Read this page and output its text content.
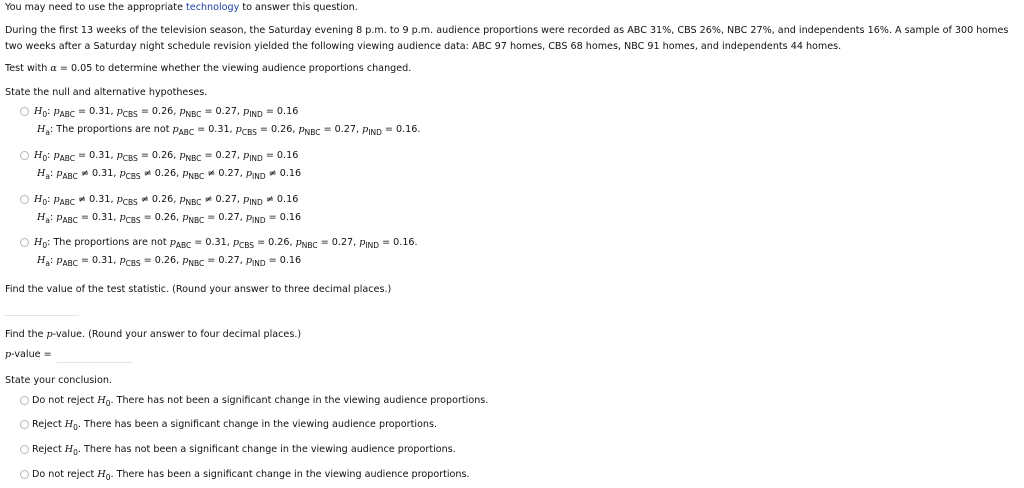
You may need to use the appropriate technology to answer this question.
During the first 13 weeks of the television season, the Saturday evening 8 p.m. to 9 p.m. audience proportions were recorded as ABC 31%, CBS 26%, NBC 27%, and independents 16%. A sample of 300 homes two weeks after a Saturday night schedule revision yielded the following viewing audience data: ABC 97 homes, CBS 68 homes, NBC 91 homes, and independents 44 homes.
Test with α = 0.05 to determine whether the viewing audience proportions changed.
State the null and alternative hypotheses.
$H_0$: $p_{ABC} = 0.31$, $p_{CBS} = 0.26$, $p_{NBC} = 0.27$, $p_{IND} = 0.16$
$H_a$: The proportions are not $p_{ABC} = 0.31$, $p_{CBS} = 0.26$, $p_{NBC} = 0.27$, $p_{IND} = 0.16$.
$H_0$: $p_{ABC} = 0.31$, $p_{CBS} = 0.26$, $p_{NBC} = 0.27$, $p_{IND} = 0.16$
$H_a$: $p_{ABC} \ne 0.31$, $p_{CBS} \ne 0.26$, $p_{NBC} \ne 0.27$, $p_{IND} \ne 0.16$
$H_0$: $p_{ABC} \ne 0.31$, $p_{CBS} \ne 0.26$, $p_{NBC} \ne 0.27$, $p_{IND} \ne 0.16$
$H_a$: $p_{ABC} = 0.31$, $p_{CBS} = 0.26$, $p_{NBC} = 0.27$, $p_{IND} = 0.16$
$H_0$: The proportions are not $p_{ABC} = 0.31$, $p_{CBS} = 0.26$, $p_{NBC} = 0.27$, $p_{IND} = 0.16$.
$H_a$: $p_{ABC} = 0.31$, $p_{CBS} = 0.26$, $p_{NBC} = 0.27$, $p_{IND} = 0.16$
Find the value of the test statistic. (Round your answer to three decimal places.)
Find the p-value. (Round your answer to four decimal places.)
p-value =
State your conclusion.
Do not reject $H_0$. There has not been a significant change in the viewing audience proportions.
Reject $H_0$. There has been a significant change in the viewing audience proportions.
Reject $H_0$. There has not been a significant change in the viewing audience proportions.
Do not reject $H_0$. There has been a significant change in the viewing audience proportions.
